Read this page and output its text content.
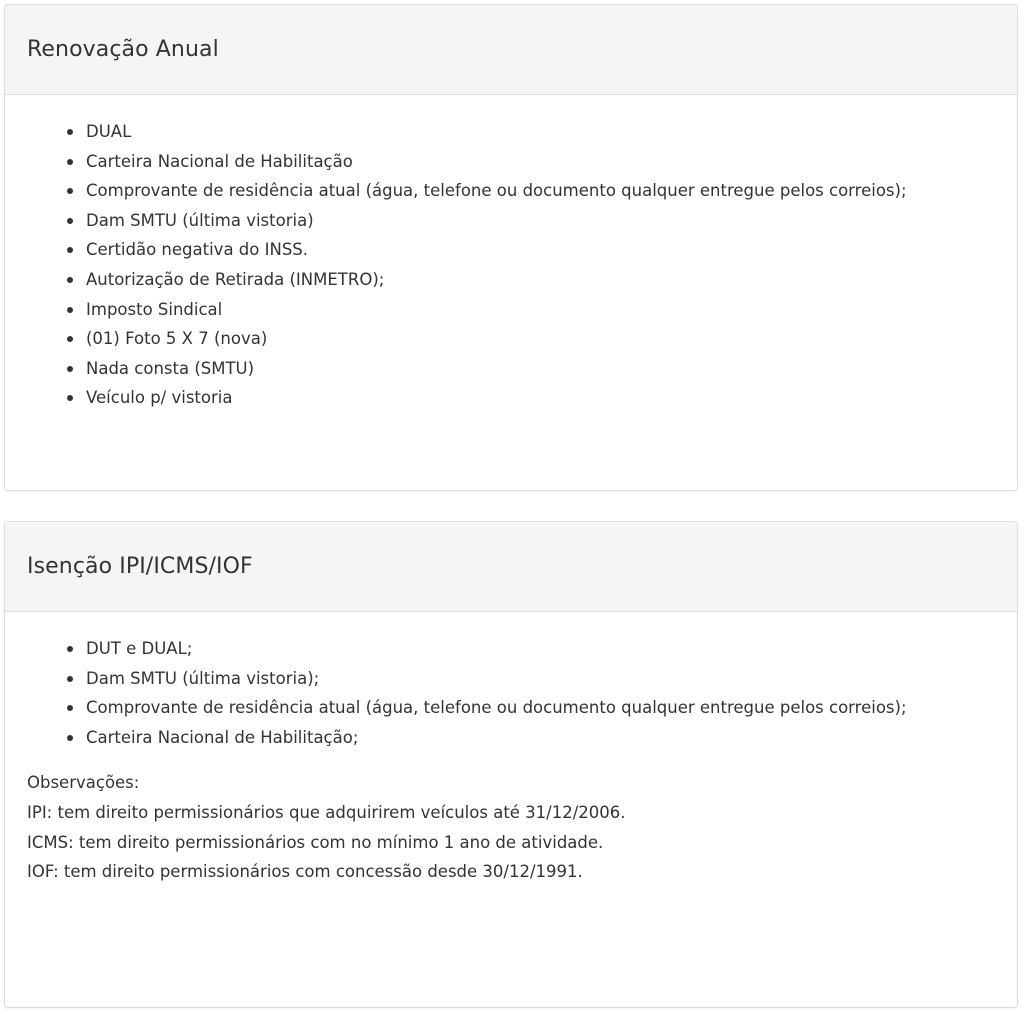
Renovação Anual
DUAL
Carteira Nacional de Habilitação
Comprovante de residência atual (água, telefone ou documento qualquer entregue pelos correios);
Dam SMTU (última vistoria)
Certidão negativa do INSS.
Autorização de Retirada (INMETRO);
Imposto Sindical
(01) Foto 5 X 7 (nova)
Nada consta (SMTU)
Veículo p/ vistoria
Isenção IPI/ICMS/IOF
DUT e DUAL;
Dam SMTU (última vistoria);
Comprovante de residência atual (água, telefone ou documento qualquer entregue pelos correios);
Carteira Nacional de Habilitação;

Observações:

IPI: tem direito permissionários que adquirirem veículos até 31/12/2006.

ICMS: tem direito permissionários com no mínimo 1 ano de atividade.

IOF: tem direito permissionários com concessão desde 30/12/1991.
